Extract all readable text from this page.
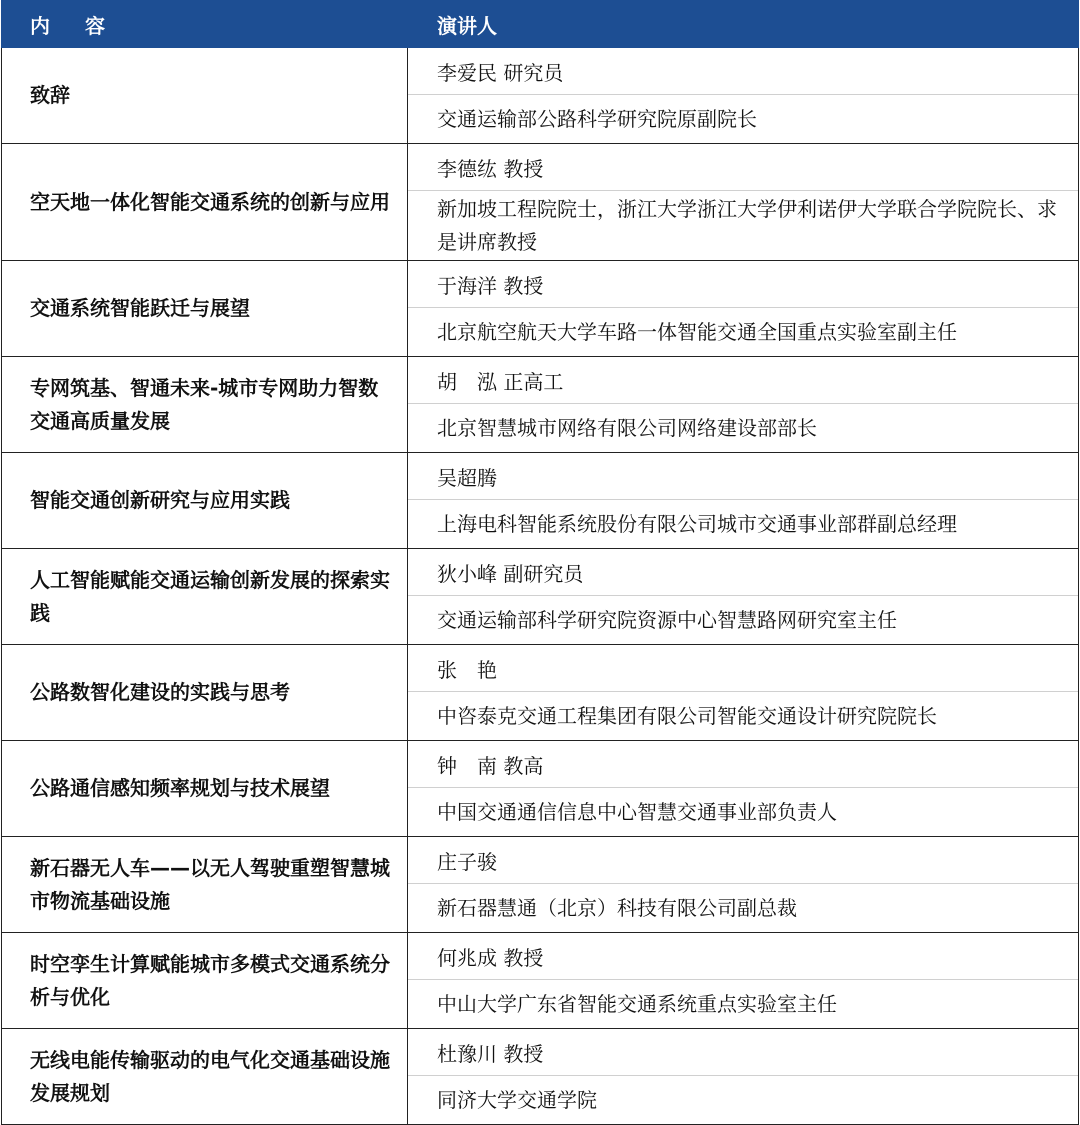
内 容	演讲人
致辞
李爱民 研究员
交通运输部公路科学研究院原副院长
空天地一体化智能交通系统的创新与应用
李德纮 教授
新加坡工程院院士，浙江大学浙江大学伊利诺伊大学联合学院院长、求是讲席教授
交通系统智能跃迁与展望
于海洋 教授
北京航空航天大学车路一体智能交通全国重点实验室副主任
专网筑基、智通未来-城市专网助力智数交通高质量发展
胡　泓 正高工
北京智慧城市网络有限公司网络建设部部长
智能交通创新研究与应用实践
吴超腾
上海电科智能系统股份有限公司城市交通事业部群副总经理
人工智能赋能交通运输创新发展的探索实践
狄小峰 副研究员
交通运输部科学研究院资源中心智慧路网研究室主任
公路数智化建设的实践与思考
张　艳
中咨泰克交通工程集团有限公司智能交通设计研究院院长
公路通信感知频率规划与技术展望
钟　南 教高
中国交通通信信息中心智慧交通事业部负责人
新石器无人车——以无人驾驶重塑智慧城市物流基础设施
庄子骏
新石器慧通（北京）科技有限公司副总裁
时空孪生计算赋能城市多模式交通系统分析与优化
何兆成 教授
中山大学广东省智能交通系统重点实验室主任
无线电能传输驱动的电气化交通基础设施发展规划
杜豫川 教授
同济大学交通学院
